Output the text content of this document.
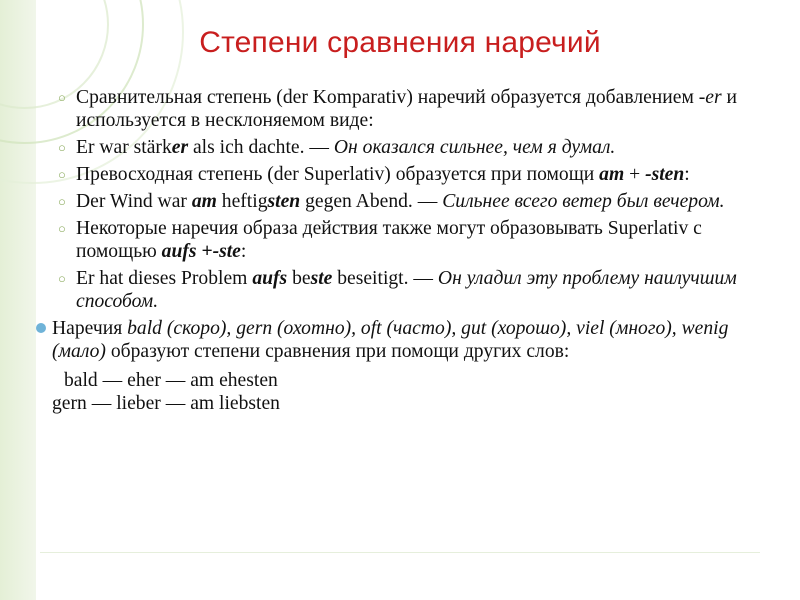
Степени сравнения наречий
○ Сравнительная степень (der Komparativ) наречий образуется добавлением -er и используется в несклоняемом виде:
○ Er war stärker als ich dachte. — Он оказался сильнее, чем я думал.
○ Превосходная степень (der Superlativ) образуется при помощи am + -sten:
○ Der Wind war am heftigsten gegen Abend. — Сильнее всего ветер был вечером.
○ Некоторые наречия образа действия также могут образовывать Superlativ с помощью aufs +-ste:
○ Er hat dieses Problem aufs beste beseitigt. — Он уладил эту проблему наилучшим способом.
Наречия bald (скоро), gern (охотно), oft (часто), gut (хорошо), viel (много), wenig (мало) образуют степени сравнения при помощи других слов:
bald — eher — am ehesten
gern — lieber — am liebsten
